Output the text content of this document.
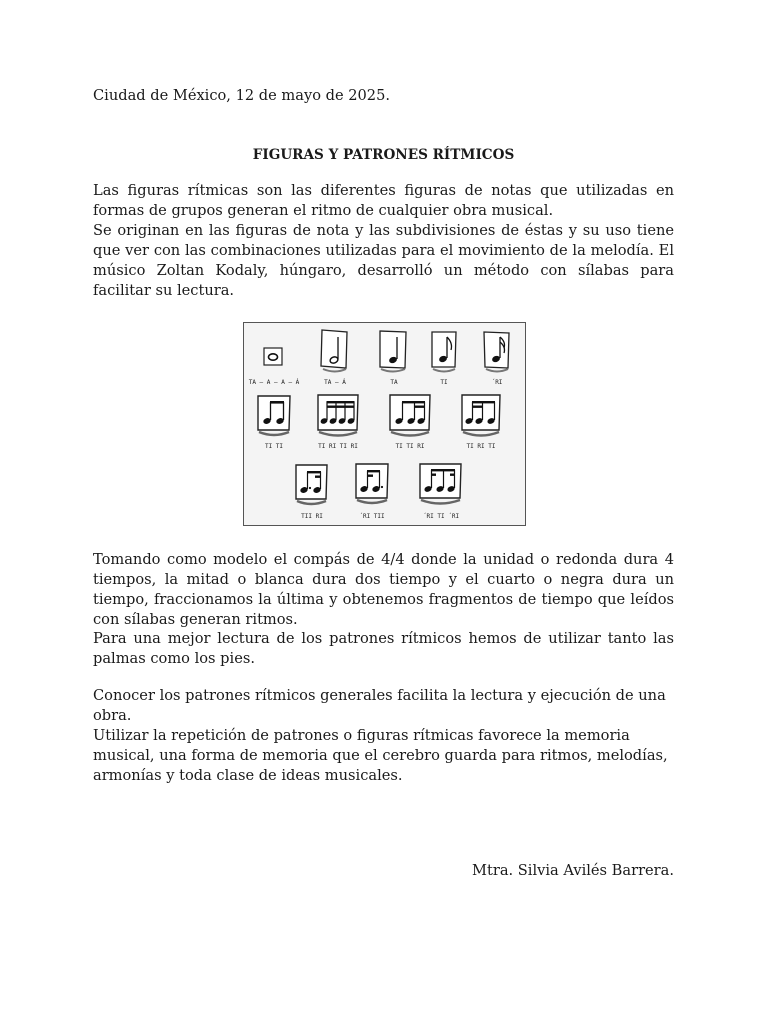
Ciudad de México, 12 de mayo de 2025.

FIGURAS Y PATRONES RÍTMICOS

Las figuras rítmicas son las diferentes figuras de notas que utilizadas en formas de grupos generan el ritmo de cualquier obra musical.
Se originan en las figuras de nota y las subdivisiones de éstas y su uso tiene que ver con las combinaciones utilizadas para el movimiento de la melodía. El músico Zoltan Kodaly, húngaro, desarrolló un método con sílabas para facilitar su lectura.

Tomando como modelo el compás de 4/4 donde la unidad o redonda dura 4 tiempos, la mitad o blanca dura dos tiempo y el cuarto o negra dura un tiempo, fraccionamos la última y obtenemos fragmentos de tiempo que leídos con sílabas generan ritmos.

Para una mejor lectura de los patrones rítmicos hemos de utilizar tanto las palmas como los pies.

Conocer los patrones rítmicos generales facilita la lectura y ejecución de una obra.
Utilizar la repetición de patrones o figuras rítmicas favorece la memoria musical, una forma de memoria que el cerebro guarda para ritmos, melodías, armonías y toda clase de ideas musicales.

Mtra. Silvia Avilés Barrera.

TA – A – A – Á	TA – Á	TA	TI	´RI
TI TI	TI RI TI RI	TI TI RI	TI RI TI
TII RI	´RI TII	´RI TI ´RI
